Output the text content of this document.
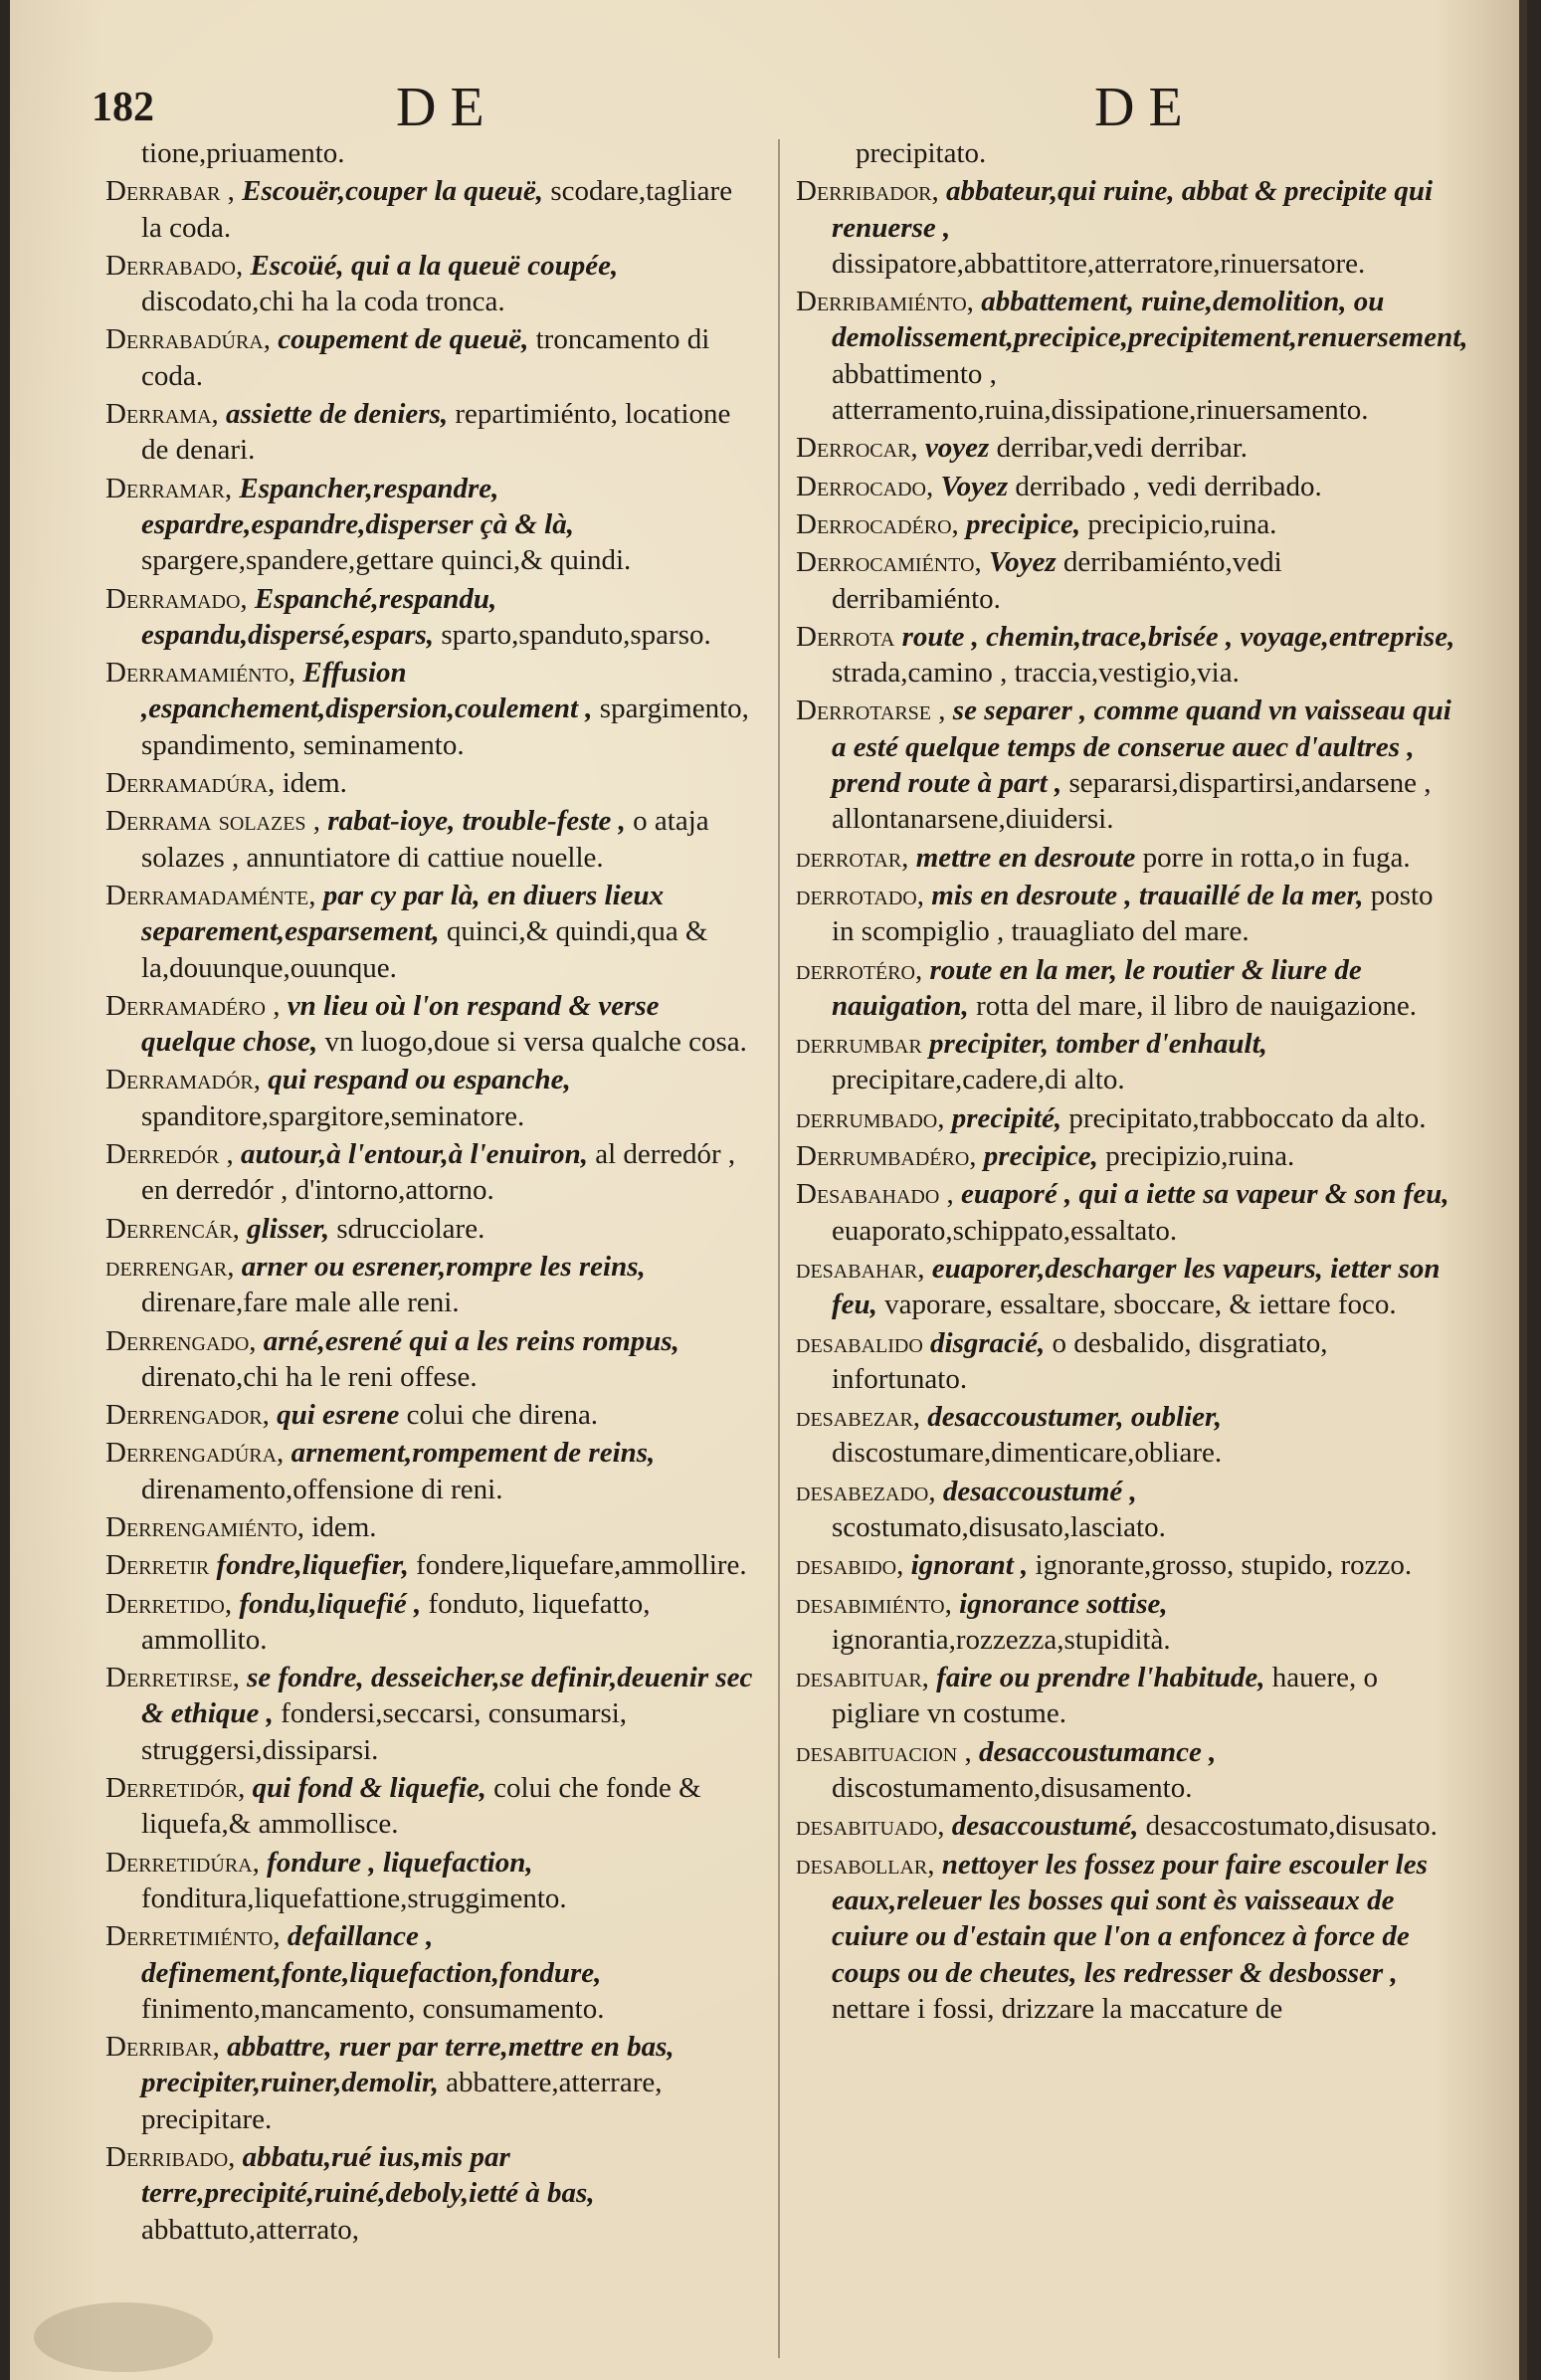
182	DE	DE
tione,priuamento.
Derrabar , Escouër,couper la queuë, scodare,tagliare la coda.
Derrabado, Escoüé, qui a la queuë coupée, discodato,chi ha la coda tronca.
Derrabadúra, coupement de queuë, troncamento di coda.
Derrama, assiette de deniers, repartimiénto, locatione de denari.
Derramar, Espancher,respandre, espardre,espandre,disperser çà & là, spargere,spandere,gettare quinci,& quindi.
Derramado, Espanché,respandu, espandu,dispersé,espars, sparto,spanduto,sparso.
Derramamiénto, Effusion ,espanchement,dispersion,coulement , spargimento, spandimento, seminamento.
Derramadúra, idem.
Derrama solazes , rabat-ioye, trouble-feste , o ataja solazes , annuntiatore di cattiue nouelle.
Derramadaménte, par cy par là, en diuers lieux separement,esparsement, quinci,& quindi,qua & la,douunque,ouunque.
Derramadéro , vn lieu où l'on respand & verse quelque chose, vn luogo,doue si versa qualche cosa.
Derramadór, qui respand ou espanche, spanditore,spargitore,seminatore.
Derredór , autour,à l'entour,à l'enuiron, al derredór , en derredór , d'intorno,attorno.
Derrencár, glisser, sdrucciolare.
derrengar, arner ou esrener,rompre les reins, direnare,fare male alle reni.
Derrengado, arné,esrené qui a les reins rompus, direnato,chi ha le reni offese.
Derrengador, qui esrene colui che direna.
Derrengadúra, arnement,rompement de reins, direnamento,offensione di reni.
Derrengamiénto, idem.
Derretir fondre,liquefier, fondere,liquefare,ammollire.
Derretido, fondu,liquefié , fonduto, liquefatto, ammollito.
Derretirse, se fondre, desseicher,se definir,deuenir sec & ethique , fondersi,seccarsi, consumarsi, struggersi,dissiparsi.
Derretidór, qui fond & liquefie, colui che fonde & liquefa,& ammollisce.
Derretidúra, fondure , liquefaction, fonditura,liquefattione,struggimento.
Derretimiénto, defaillance , definement,fonte,liquefaction,fondure, finimento,mancamento, consumamento.
Derribar, abbattre, ruer par terre,mettre en bas, precipiter,ruiner,demolir, abbattere,atterrare, precipitare.
Derribado, abbatu,rué ius,mis par terre,precipité,ruiné,deboly,ietté à bas, abbattuto,atterrato,
precipitato.
Derribador, abbateur,qui ruine, abbat & precipite qui renuerse , dissipatore,abbattitore,atterratore,rinuersatore.
Derribamiénto, abbattement, ruine,demolition, ou demolissement,precipice,precipitement,renuersement, abbattimento , atterramento,ruina,dissipatione,rinuersamento.
Derrocar, voyez derribar,vedi derribar.
Derrocado, Voyez derribado , vedi derribado.
Derrocadéro, precipice, precipicio,ruina.
Derrocamiénto, Voyez derribamiénto,vedi derribamiénto.
Derrota route , chemin,trace,brisée , voyage,entreprise, strada,camino , traccia,vestigio,via.
Derrotarse , se separer , comme quand vn vaisseau qui a esté quelque temps de conserue auec d'aultres , prend route à part , separarsi,dispartirsi,andarsene , allontanarsene,diuidersi.
derrotar, mettre en desroute porre in rotta,o in fuga.
derrotado, mis en desroute , trauaillé de la mer, posto in scompiglio , trauagliato del mare.
derrotéro, route en la mer, le routier & liure de nauigation, rotta del mare, il libro de nauigazione.
derrumbar precipiter, tomber d'enhault, precipitare,cadere,di alto.
derrumbado, precipité, precipitato,trabboccato da alto.
Derrumbadéro, precipice, precipizio,ruina.
Desabahado , euaporé , qui a iette sa vapeur & son feu, euaporato,schippato,essaltato.
desabahar, euaporer,descharger les vapeurs, ietter son feu, vaporare, essaltare, sboccare, & iettare foco.
desabalido disgracié, o desbalido, disgratiato, infortunato.
desabezar, desaccoustumer, oublier, discostumare,dimenticare,obliare.
desabezado, desaccoustumé , scostumato,disusato,lasciato.
desabido, ignorant , ignorante,grosso, stupido, rozzo.
desabimiénto, ignorance sottise, ignorantia,rozzezza,stupidità.
desabituar, faire ou prendre l'habitude, hauere, o pigliare vn costume.
desabituacion , desaccoustumance , discostumamento,disusamento.
desabituado, desaccoustumé, desaccostumato,disusato.
desabollar, nettoyer les fossez pour faire escouler les eaux,releuer les bosses qui sont ès vaisseaux de cuiure ou d'estain que l'on a enfoncez à force de coups ou de cheutes, les redresser & desbosser , nettare i fossi, drizzare la maccature de
